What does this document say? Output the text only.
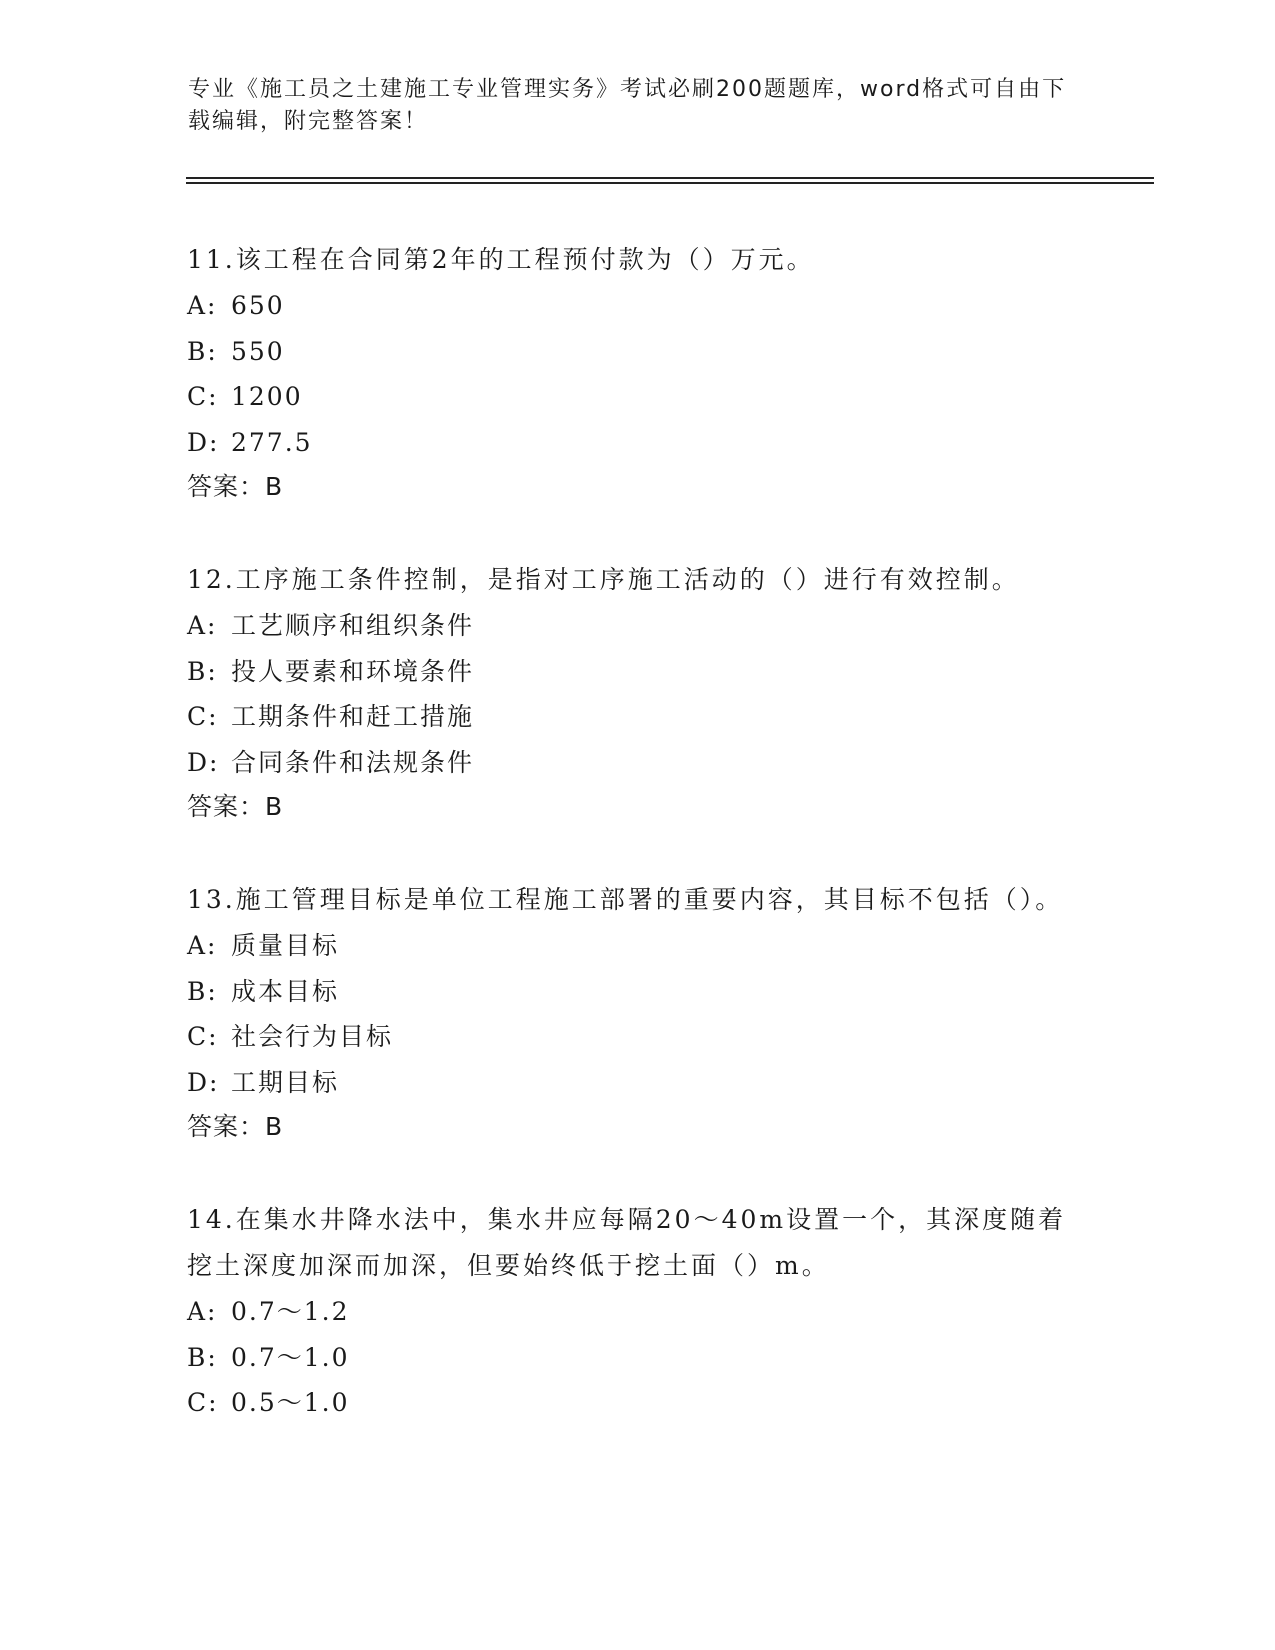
专业《施工员之土建施工专业管理实务》考试必刷200题题库，word格式可自由下载编辑，附完整答案！
11.该工程在合同第2年的工程预付款为（）万元。
A: 650
B: 550
C: 1200
D: 277.5
答案：B
12.工序施工条件控制，是指对工序施工活动的（）进行有效控制。
A: 工艺顺序和组织条件
B: 投人要素和环境条件
C: 工期条件和赶工措施
D: 合同条件和法规条件
答案：B
13.施工管理目标是单位工程施工部署的重要内容，其目标不包括（）。
A: 质量目标
B: 成本目标
C: 社会行为目标
D: 工期目标
答案：B
14.在集水井降水法中，集水井应每隔20～40m设置一个，其深度随着挖土深度加深而加深，但要始终低于挖土面（）m。
A: 0.7～1.2
B: 0.7～1.0
C: 0.5～1.0
